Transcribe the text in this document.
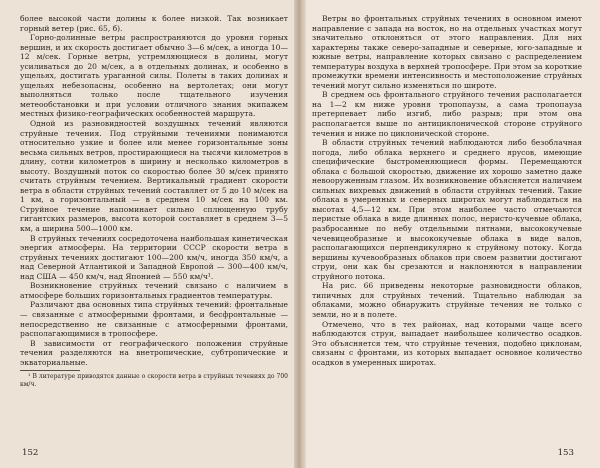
более высокой части долины к более низкой. Так возникает горный ветер (рис. 65, б).

Горно-долинные ветры распространяются до уровня горных вершин, и их скорость достигает обычно 3—6 м/сек, а иногда 10—12 м/сек. Горные ветры, устремляющиеся в долины, могут усиливаться до 20 м/сек, а в отдельных долинах, и особенно в ущельях, достигать ураганной силы. Полеты в таких долинах и ущельях небезопасны, особенно на вертолетах; они могут выполняться только после тщательного изучения метеообстановки и при условии отличного знания экипажем местных физико-географических особенностей маршрута.

Одной из разновидностей воздушных течений являются струйные течения. Под струйными течениями понимаются относительно узкие и более или менее горизонтальные зоны весьма сильных ветров, простирающиеся на тысячи километров в длину, сотни километров в ширину и несколько километров в высоту. Воздушный поток со скоростью более 30 м/сек принято считать струйным течением. Вертикальный градиент скорости ветра в области струйных течений составляет от 5 до 10 м/сек на 1 км, а горизонтальный — в среднем 10 м/сек на 100 км. Струйное течение напоминает сильно сплющенную трубу гигантских размеров, высота которой составляет в среднем 3—5 км, а ширина 500—1000 км.

В струйных течениях сосредоточена наибольшая кинетическая энергия атмосферы. На территории СССР скорости ветра в струйных течениях достигают 100—200 км/ч, иногда 350 км/ч, а над Северной Атлантикой и Западной Европой — 300—400 км/ч, над США — 450 км/ч, над Японией — 550 км/ч¹.

Возникновение струйных течений связано с наличием в атмосфере больших горизонтальных градиентов температуры.

Различают два основных типа струйных течений: фронтальные — связанные с атмосферными фронтами, и бесфронтальные — непосредственно не связанные с атмосферными фронтами, располагающимися в тропосфере.

В зависимости от географического положения струйные течения разделяются на внетропические, субтропические и экваториальные.

¹ В литературе приводятся данные о скорости ветра в струйных течениях до 700 км/ч.
152

Ветры во фронтальных струйных течениях в основном имеют направление с запада на восток, но на отдельных участках могут значительно отклоняться от этого направления. Для них характерны также северо-западные и северные, юго-западные и южные ветры, направление которых связано с распределением температуры воздуха в верхней тропосфере. При этом за короткие промежутки времени интенсивность и местоположение струйных течений могут сильно изменяться по широте.

В среднем ось фронтального струйного течения располагается на 1—2 км ниже уровня тропопаузы, а сама тропопауза претерпевает либо изгиб, либо разрыв; при этом она располагается выше по антициклонической стороне струйного течения и ниже по циклонической стороне.

В области струйных течений наблюдаются либо безоблачная погода, либо облака верхнего и среднего ярусов, имеющие специфические быстроменяющиеся формы. Перемещаются облака с большой скоростью, движение их хорошо заметно даже невооруженным глазом. Их возникновение объясняется наличием сильных вихревых движений в области струйных течений. Такие облака в умеренных и северных широтах могут наблюдаться на высотах 4,5—12 км. При этом наиболее часто отмечаются перистые облака в виде длинных полос, неристо-кучевые облака, разбросанные по небу отдельными пятнами, высококучевые чечевицеобразные и высококучевые облака в виде валов, располагающихся перпендикулярно к струйному потоку. Когда вершины кучевообразных облаков при своем развитии достигают струи, они как бы срезаются и наклоняются в направлении струйного потока.

На рис. 66 приведены некоторые разновидности облаков, типичных для струйных течений. Тщательно наблюдая за облаками, можно обнаружить струйные течения не только с земли, но и в полете.

Отмечено, что в тех районах, над которыми чаще всего наблюдаются струи, выпадает наибольшее количество осадков. Это объясняется тем, что струйные течения, подобно циклонам, связаны с фронтами, из которых выпадает основное количество осадков в умеренных широтах.

153
